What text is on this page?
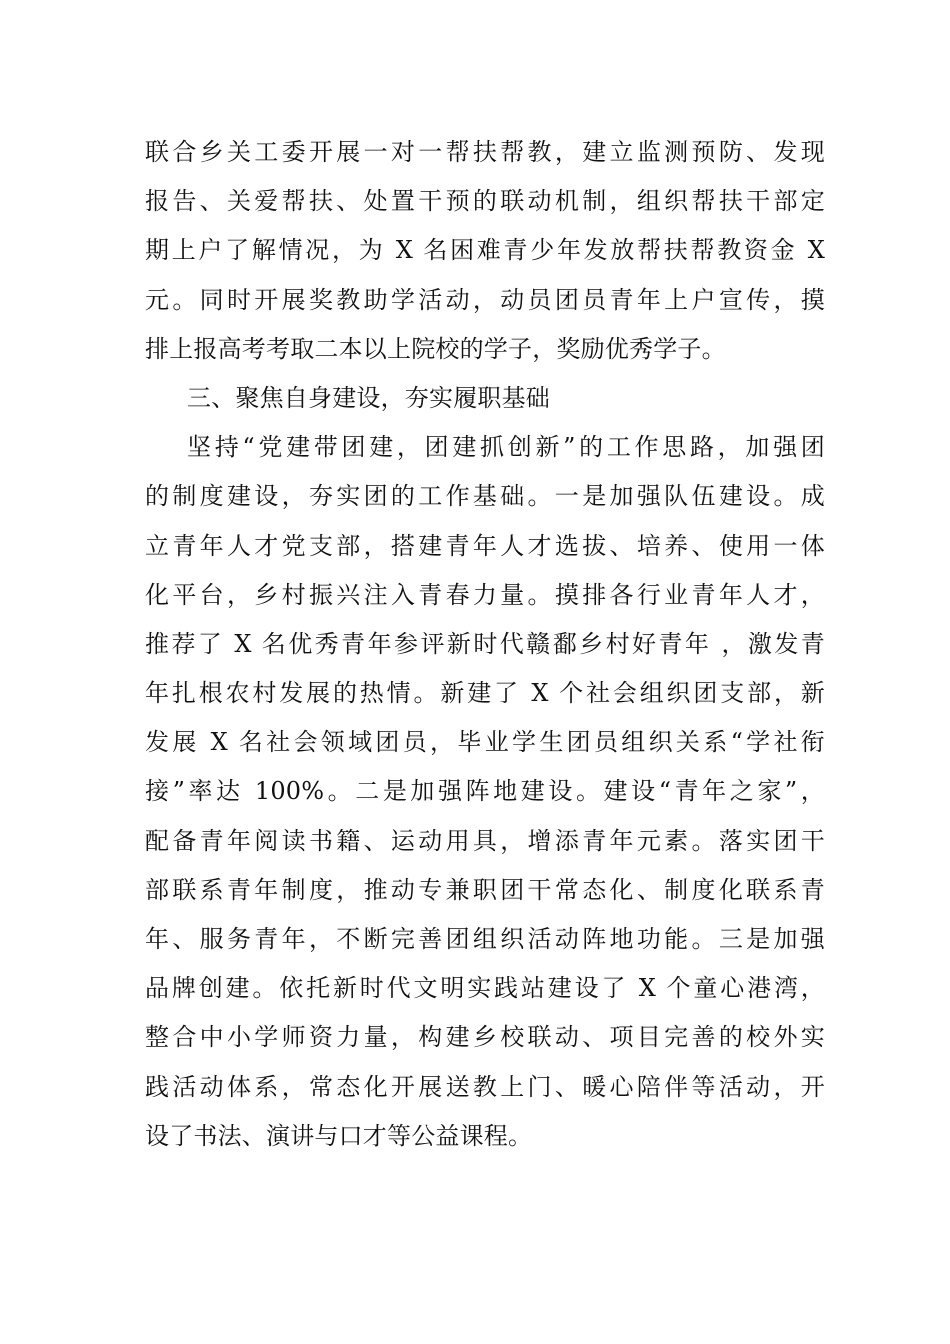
联合乡关工委开展一对一帮扶帮教，建立监测预防、发现
报告、关爱帮扶、处置干预的联动机制，组织帮扶干部定
期上户了解情况，为 X 名困难青少年发放帮扶帮教资金 X
元。同时开展奖教助学活动，动员团员青年上户宣传，摸
排上报高考考取二本以上院校的学子，奖励优秀学子。
三、聚焦自身建设，夯实履职基础
坚持“党建带团建，团建抓创新”的工作思路，加强团
的制度建设，夯实团的工作基础。一是加强队伍建设。成
立青年人才党支部，搭建青年人才选拔、培养、使用一体
化平台，乡村振兴注入青春力量。摸排各行业青年人才，
推荐了 X 名优秀青年参评新时代赣鄱乡村好青年 ，激发青
年扎根农村发展的热情。新建了 X 个社会组织团支部，新
发展 X 名社会领域团员，毕业学生团员组织关系“学社衔
接”率达 100%。二是加强阵地建设。建设“青年之家”，
配备青年阅读书籍、运动用具，增添青年元素。落实团干
部联系青年制度，推动专兼职团干常态化、制度化联系青
年、服务青年，不断完善团组织活动阵地功能。三是加强
品牌创建。依托新时代文明实践站建设了 X 个童心港湾，
整合中小学师资力量，构建乡校联动、项目完善的校外实
践活动体系，常态化开展送教上门、暖心陪伴等活动，开
设了书法、演讲与口才等公益课程。
